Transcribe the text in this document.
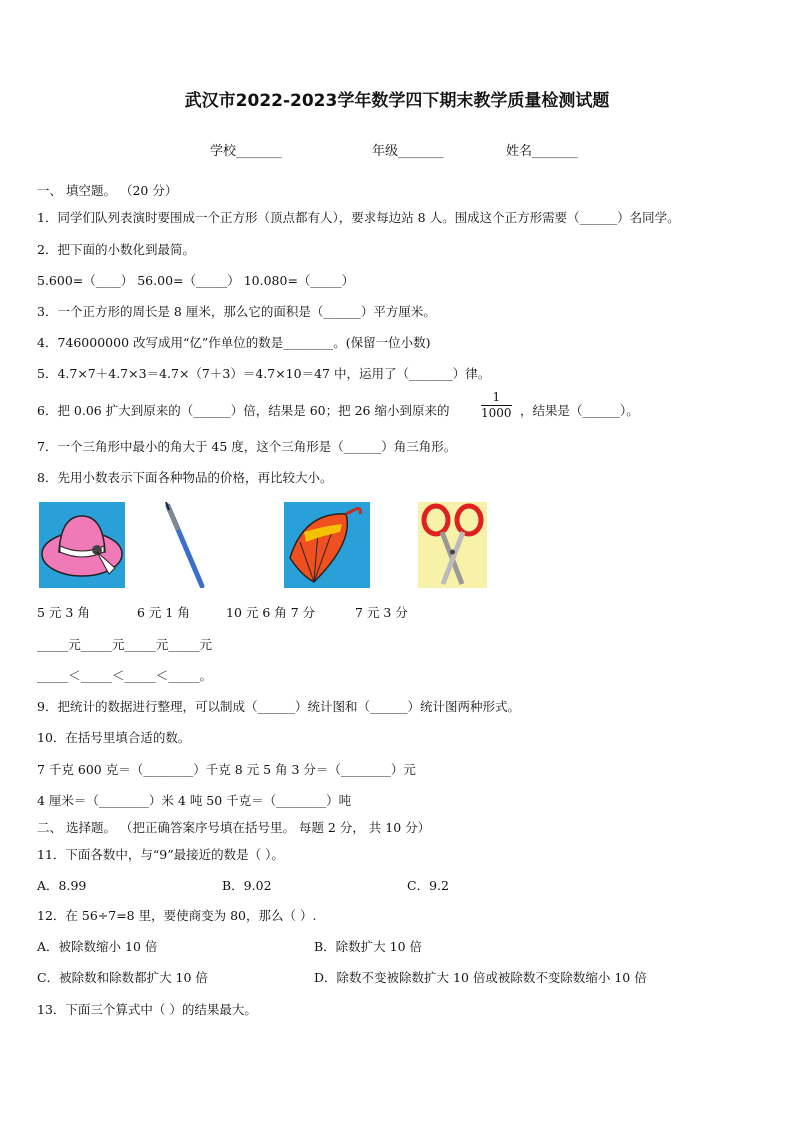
武汉市2022-2023学年数学四下期末教学质量检测试题
学校_______	年级_______	姓名_______
一、 填空题。 （20 分）
1．同学们队列表演时要围成一个正方形（顶点都有人），要求每边站 8 人。围成这个正方形需要（______）名同学。
2．把下面的小数化到最简。
5.600=（____） 56.00=（_____） 10.080=（_____）
3．一个正方形的周长是 8 厘米，那么它的面积是（______）平方厘米。
4．746000000 改写成用“亿”作单位的数是________。(保留一位小数)
5．4.7×7＋4.7×3＝4.7×（7＋3）＝4.7×10＝47 中，运用了（_______）律。
6．把 0.06 扩大到原来的（______）倍，结果是 60；把 26 缩小到原来的	$\frac{1}{1000}$ ，结果是（______）。
7．一个三角形中最小的角大于 45 度，这个三角形是（______）角三角形。
8．先用小数表示下面各种物品的价格，再比较大小。
5 元 3 角	6 元 1 角	10 元 6 角 7 分	7 元 3 分
_____元_____元_____元_____元
_____＜_____＜_____＜_____。
9．把统计的数据进行整理，可以制成（______）统计图和（______）统计图两种形式。
10．在括号里填合适的数。
7 千克 600 克＝（________）千克 8 元 5 角 3 分＝（________）元
4 厘米＝（________）米 4 吨 50 千克＝（________）吨
二、 选择题。 （把正确答案序号填在括号里。 每题 2 分， 共 10 分）
11．下面各数中，与“9”最接近的数是（ ）。
A．8.99	B．9.02	C．9.2
12．在 56÷7=8 里，要使商变为 80，那么（ ）.
A．被除数缩小 10 倍	B．除数扩大 10 倍
C．被除数和除数都扩大 10 倍	D．除数不变被除数扩大 10 倍或被除数不变除数缩小 10 倍
13．下面三个算式中（ ）的结果最大。
